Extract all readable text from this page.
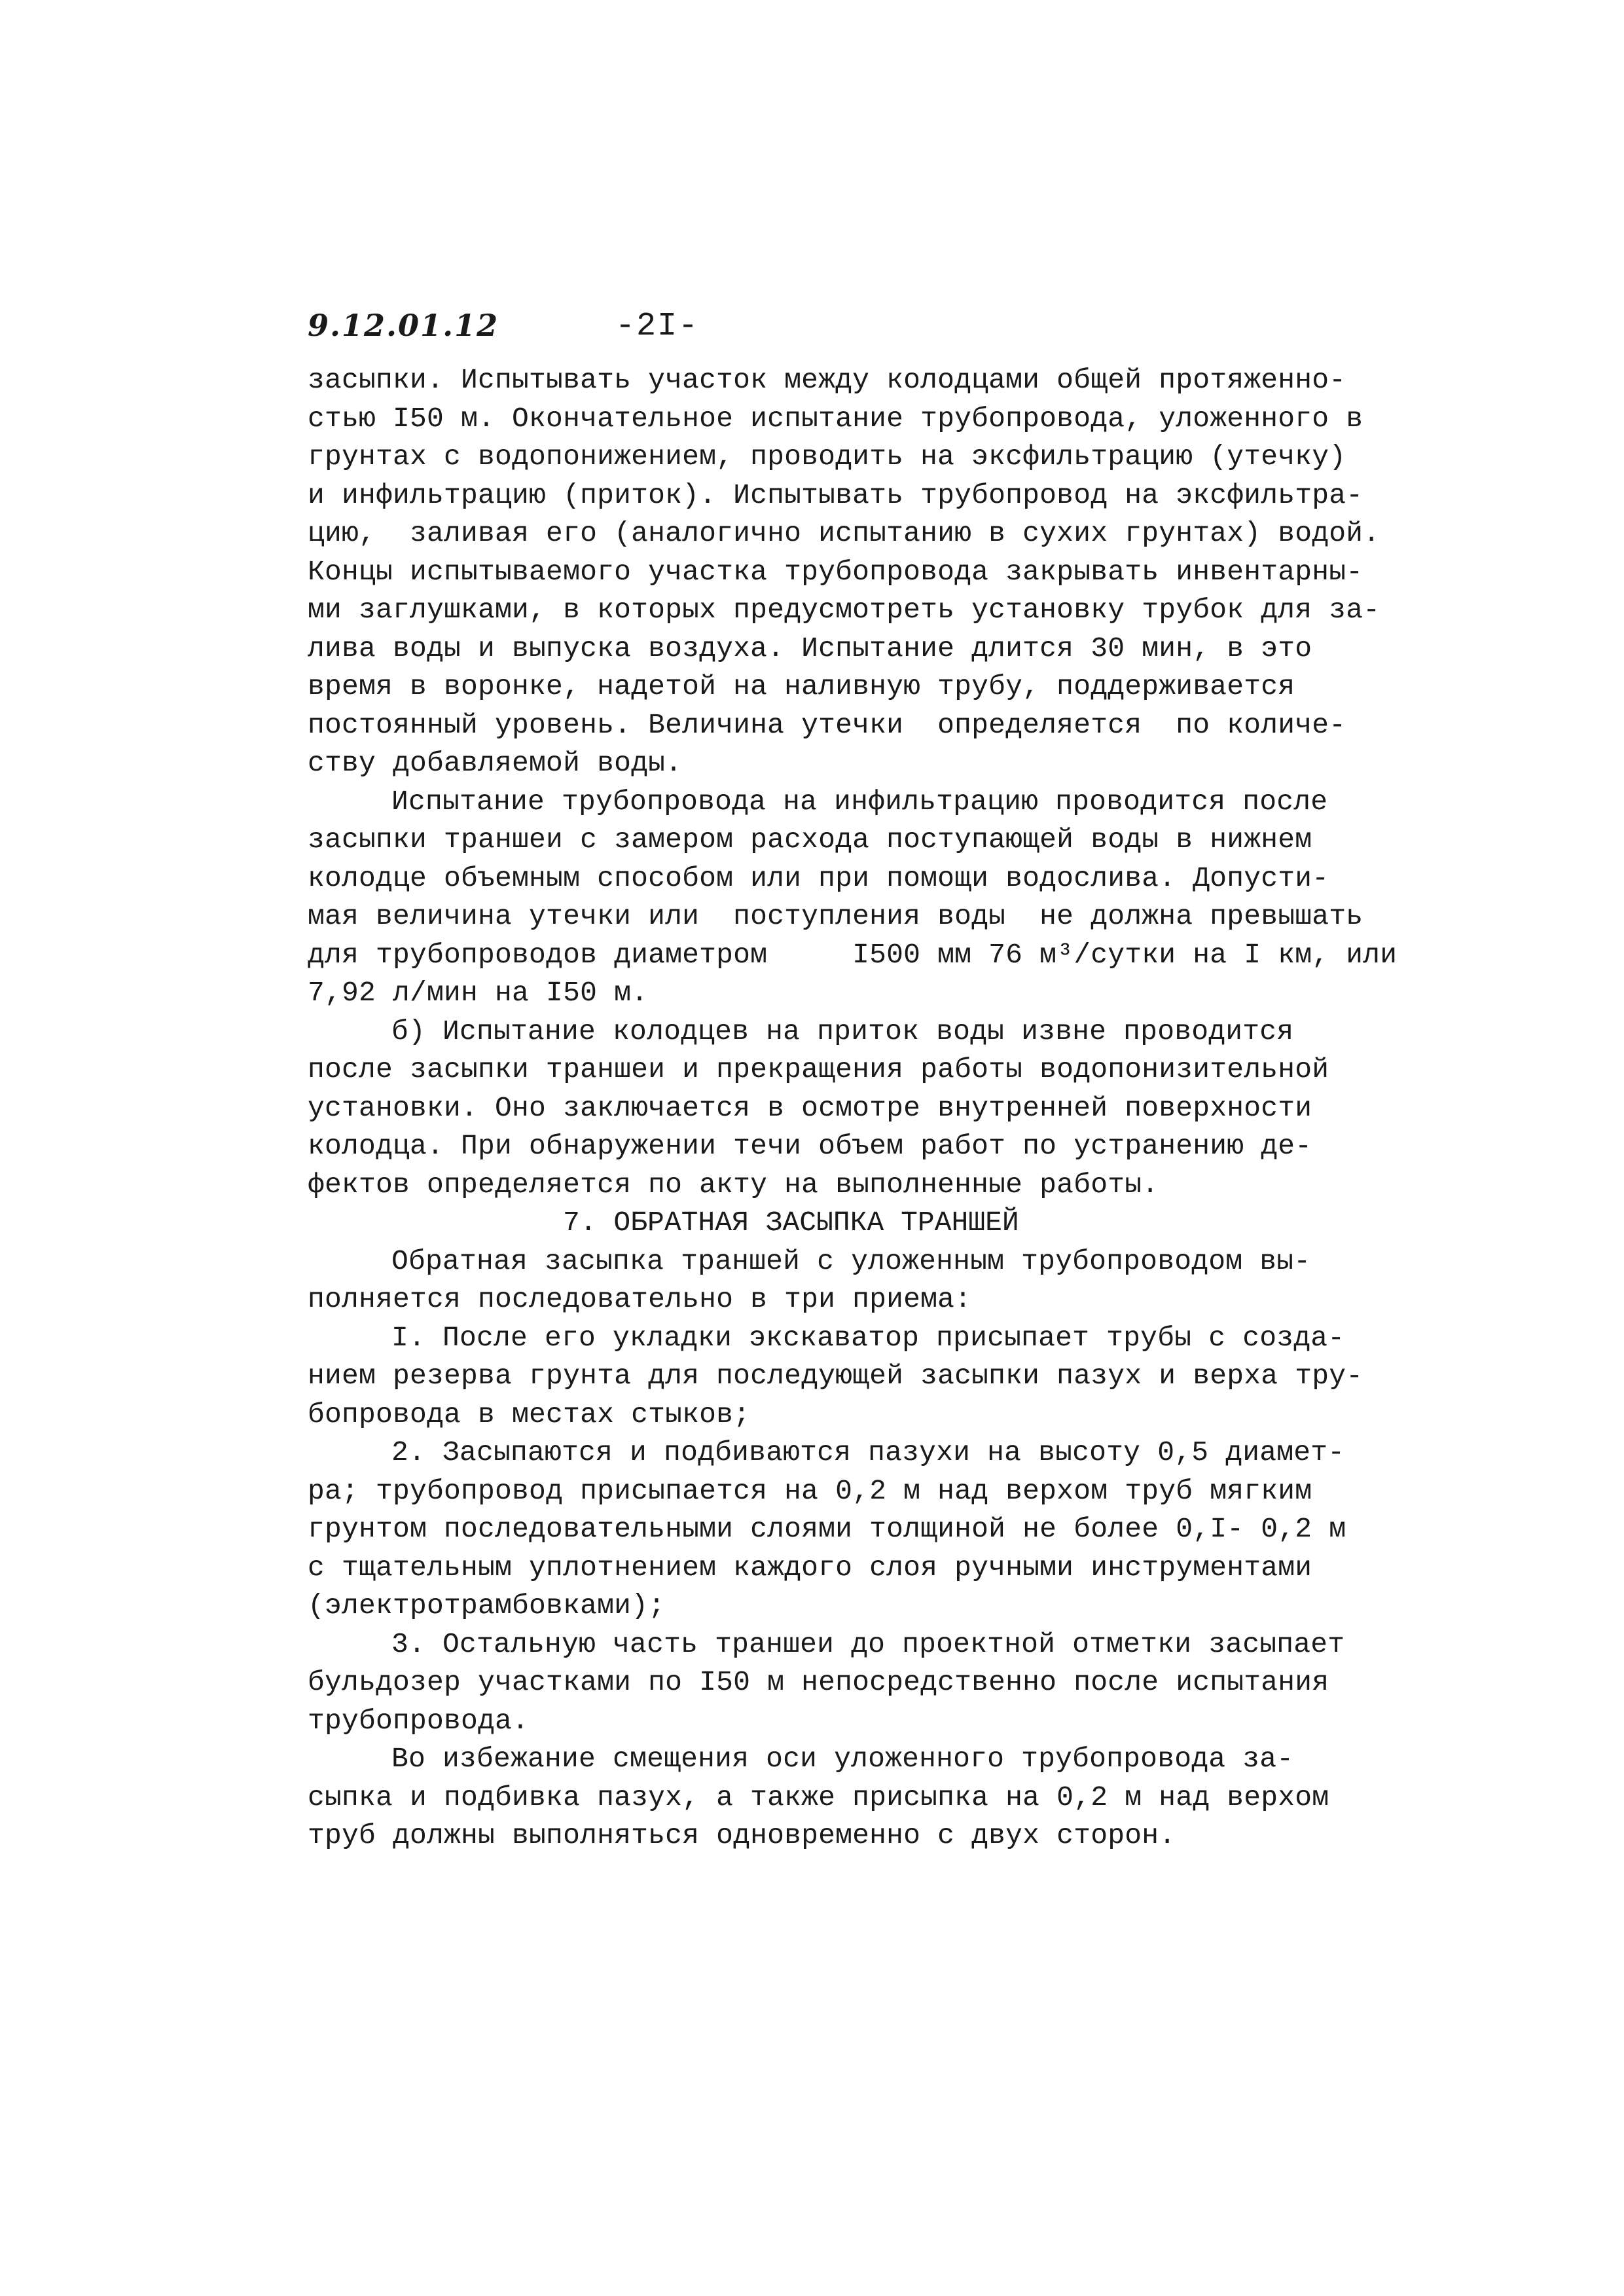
9.12.01.12	-2I-
засыпки. Испытывать участок между колодцами общей протяженно-
стью I50 м. Окончательное испытание трубопровода, уложенного в
грунтах с водопонижением, проводить на эксфильтрацию (утечку)
и инфильтрацию (приток). Испытывать трубопровод на эксфильтра-
цию,  заливая его (аналогично испытанию в сухих грунтах) водой.
Концы испытываемого участка трубопровода закрывать инвентарны-
ми заглушками, в которых предусмотреть установку трубок для за-
лива воды и выпуска воздуха. Испытание длится 30 мин, в это
время в воронке, надетой на наливную трубу, поддерживается
постоянный уровень. Величина утечки  определяется  по количе-
ству добавляемой воды.
Испытание трубопровода на инфильтрацию проводится после
засыпки траншеи с замером расхода поступающей воды в нижнем
колодце объемным способом или при помощи водослива. Допусти-
мая величина утечки или  поступления воды  не должна превышать
для трубопроводов диаметром     I500 мм 76 м³/сутки на I км, или
7,92 л/мин на I50 м.
б) Испытание колодцев на приток воды извне проводится
после засыпки траншеи и прекращения работы водопонизительной
установки. Оно заключается в осмотре внутренней поверхности
колодца. При обнаружении течи объем работ по устранению де-
фектов определяется по акту на выполненные работы.
7. ОБРАТНАЯ ЗАСЫПКА ТРАНШЕЙ
Обратная засыпка траншей с уложенным трубопроводом вы-
полняется последовательно в три приема:
I. После его укладки экскаватор присыпает трубы с созда-
нием резерва грунта для последующей засыпки пазух и верха тру-
бопровода в местах стыков;
2. Засыпаются и подбиваются пазухи на высоту 0,5 диамет-
ра; трубопровод присыпается на 0,2 м над верхом труб мягким
грунтом последовательными слоями толщиной не более 0,I- 0,2 м
с тщательным уплотнением каждого слоя ручными инструментами
(электротрамбовками);
3. Остальную часть траншеи до проектной отметки засыпает
бульдозер участками по I50 м непосредственно после испытания
трубопровода.
Во избежание смещения оси уложенного трубопровода за-
сыпка и подбивка пазух, а также присыпка на 0,2 м над верхом
труб должны выполняться одновременно с двух сторон.
